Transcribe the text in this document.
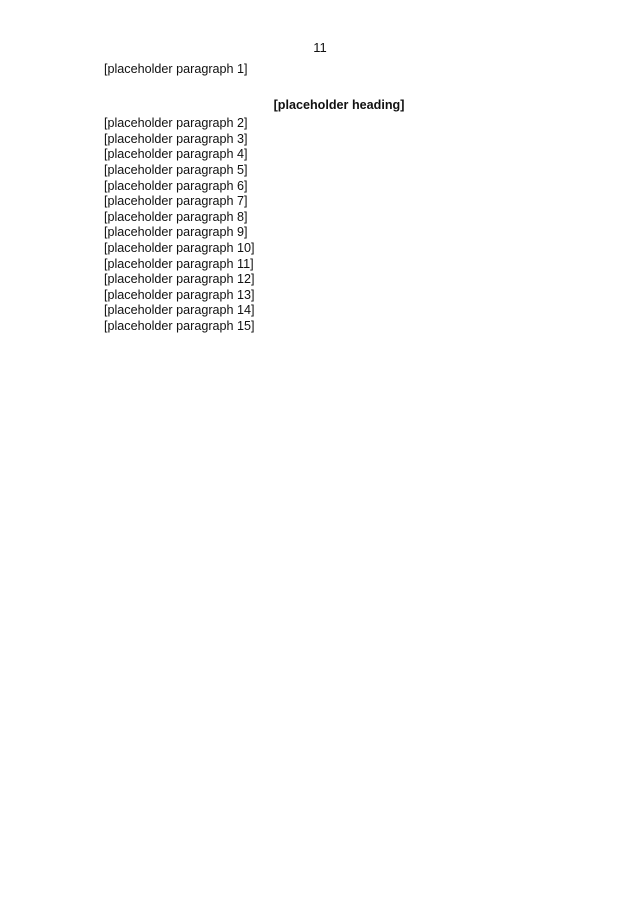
11

[placeholder paragraph 1]

[placeholder heading]

[placeholder paragraph 2]

[placeholder paragraph 3]

[placeholder paragraph 4]

[placeholder paragraph 5]

[placeholder paragraph 6]

[placeholder paragraph 7]

[placeholder paragraph 8]

[placeholder paragraph 9]

[placeholder paragraph 10]

[placeholder paragraph 11]

[placeholder paragraph 12]

[placeholder paragraph 13]

[placeholder paragraph 14]

[placeholder paragraph 15]
